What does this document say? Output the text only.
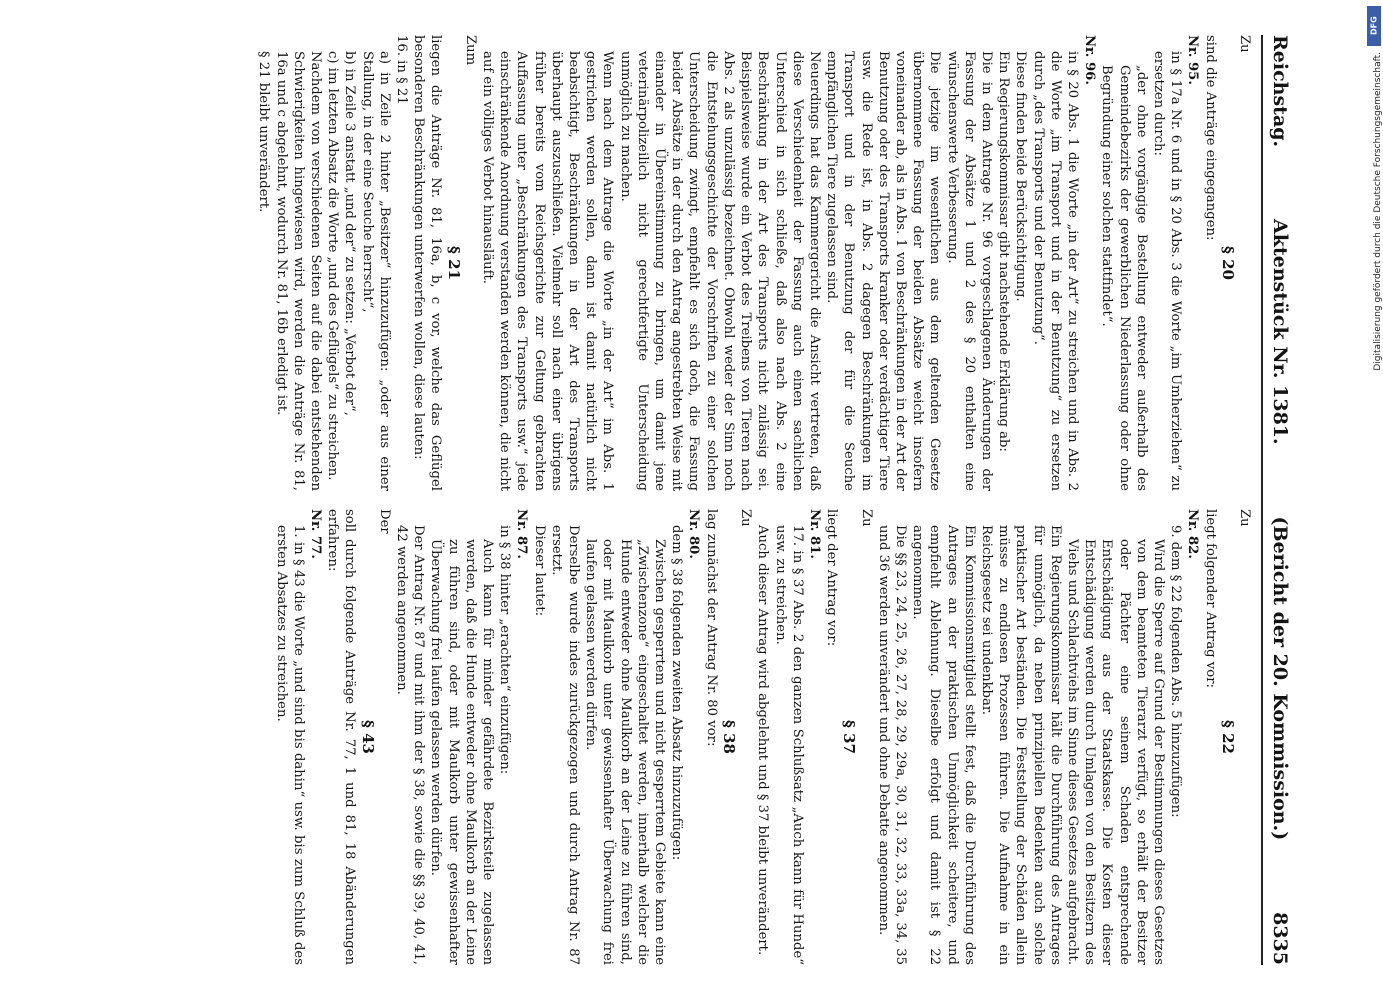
Reichstag.
Aktenstück Nr. 1381.
(Bericht der 20. Kommission.)
8335

Zu

§ 20

sind die Anträge eingegangen:

Nr. 95.

in § 17a Nr. 6 und in § 20 Abs. 3 die Worte „im Umherziehen“ zu ersetzen durch:

„der ohne vorgängige Bestellung entweder außerhalb des Gemeindebezirks der gewerblichen Niederlassung oder ohne Begründung einer solchen stattfindet“.

Nr. 96.

in § 20 Abs. 1 die Worte „in der Art“ zu streichen und in Abs. 2 die Worte „im Transport und in der Benutzung“ zu ersetzen durch „des Transports und der Benutzung“.

Diese finden beide Berücksichtigung.

Ein Regierungskommissar gibt nachstehende Erklärung ab:

Die in dem Antrage Nr. 96 vorgeschlagenen Änderungen der Fassung der Absätze 1 und 2 des § 20 enthalten eine wünschenswerte Verbesserung.

Die jetzige im wesentlichen aus dem geltenden Gesetze übernommene Fassung der beiden Absätze weicht insofern voneinander ab, als in Abs. 1 von Beschränkungen in der Art der Benutzung oder des Transports kranker oder verdächtiger Tiere usw. die Rede ist, in Abs. 2 dagegen Beschränkungen im Transport und in der Benutzung der für die Seuche empfänglichen Tiere zugelassen sind.

Neuerdings hat das Kammergericht die Ansicht vertreten, daß diese Verschiedenheit der Fassung auch einen sachlichen Unterschied in sich schließe, daß also nach Abs. 2 eine Beschränkung in der Art des Transports nicht zulässig sei. Beispielsweise wurde ein Verbot des Treibens von Tieren nach Abs. 2 als unzulässig bezeichnet. Obwohl weder der Sinn noch die Entstehungsgeschichte der Vorschriften zu einer solchen Unterscheidung zwingt, empfiehlt es sich doch, die Fassung beider Absätze in der durch den Antrag angestrebten Weise mit einander in Übereinstimmung zu bringen, um damit jene veterinärpolizeilich nicht gerechtfertigte Unterscheidung unmöglich zu machen.

Wenn nach dem Antrage die Worte „in der Art“ im Abs. 1 gestrichen werden sollen, dann ist damit natürlich nicht beabsichtigt, Beschränkungen in der Art des Transports überhaupt auszuschließen. Vielmehr soll nach einer übrigens früher bereits vom Reichsgerichte zur Geltung gebrachten Auffassung unter „Beschränkungen des Transports usw.“ jede einschränkende Anordnung verstanden werden können, die nicht auf ein völliges Verbot hinausläuft.

Zum

§ 21

liegen die Anträge Nr. 81, 16a, b, c vor, welche das Geflügel besonderen Beschränkungen unterwerfen wollen, diese lauten:

16. in § 21

a) in Zeile 2 hinter „Besitzer“ hinzuzufügen: „oder aus einer Stallung, in der eine Seuche herrscht“,

b) in Zeile 3 anstatt „und der“ zu setzen: „Verbot der“,

c) im letzten Absatz die Worte „und des Geflügels“ zu streichen.

Nachdem von verschiedenen Seiten auf die dabei entstehenden Schwierigkeiten hingewiesen wird, werden die Anträge Nr. 81, 16a und c abgelehnt, wodurch Nr. 81, 16b erledigt ist.

§ 21 bleibt unverändert.

Zu

§ 22

liegt folgender Antrag vor:

Nr. 82.

9. dem § 22 folgenden Abs. 5 hinzuzufügen:

Wird die Sperre auf Grund der Bestimmungen dieses Gesetzes von dem beamteten Tierarzt verfügt, so erhält der Besitzer oder Pächter eine seinem Schaden entsprechende Entschädigung aus der Staatskasse. Die Kosten dieser Entschädigung werden durch Umlagen von den Besitzern des Viehs und Schlachtviehs im Sinne dieses Gesetzes aufgebracht.

Ein Regierungskommissar hält die Durchführung des Antrages für unmöglich, da neben prinzipiellen Bedenken auch solche praktischer Art beständen. Die Feststellung der Schäden allein müsse zu endlosen Prozessen führen. Die Aufnahme in ein Reichsgesetz sei undenkbar.

Ein Kommissionsmitglied stellt fest, daß die Durchführung des Antrages an der praktischen Unmöglichkeit scheitere, und empfiehlt Ablehnung. Dieselbe erfolgt und damit ist § 22 angenommen.

Die §§ 23, 24, 25, 26, 27, 28, 29, 29a, 30, 31, 32, 33, 33a, 34, 35 und 36 werden unverändert und ohne Debatte angenommen.

Zu

§ 37

liegt der Antrag vor:

Nr. 81.

17. in § 37 Abs. 2 den ganzen Schlußsatz „Auch kann für Hunde“ usw. zu streichen.

Auch dieser Antrag wird abgelehnt und § 37 bleibt unverändert.

Zu

§ 38

lag zunächst der Antrag Nr. 80 vor:

Nr. 80.

dem § 38 folgenden zweiten Absatz hinzuzufügen:

Zwischen gesperrtem und nicht gesperrtem Gebiete kann eine „Zwischenzone“ eingeschaltet werden, innerhalb welcher die Hunde entweder ohne Maulkorb an der Leine zu führen sind, oder mit Maulkorb unter gewissenhafter Überwachung frei laufen gelassen werden dürfen.

Derselbe wurde indes zurückgezogen und durch Antrag Nr. 87 ersetzt.

Dieser lautet:

Nr. 87.

in § 38 hinter „erachten“ einzufügen:

Auch kann für minder gefährdete Bezirksteile zugelassen werden, daß die Hunde entweder ohne Maulkorb an der Leine zu führen sind, oder mit Maulkorb unter gewissenhafter Überwachung frei laufen gelassen werden dürfen.

Der Antrag Nr. 87 und mit ihm der § 38, sowie die §§ 39, 40, 41, 42 werden angenommen.

Der

§ 43

soll durch folgende Anträge Nr. 77, 1 und 81, 18 Abänderungen erfahren:

Nr. 77.

1. in § 43 die Worte „und sind bis dahin“ usw. bis zum Schluß des ersten Absatzes zu streichen.

DFG
Digitalisierung gefördert durch die Deutsche Forschungsgemeinschaft.
